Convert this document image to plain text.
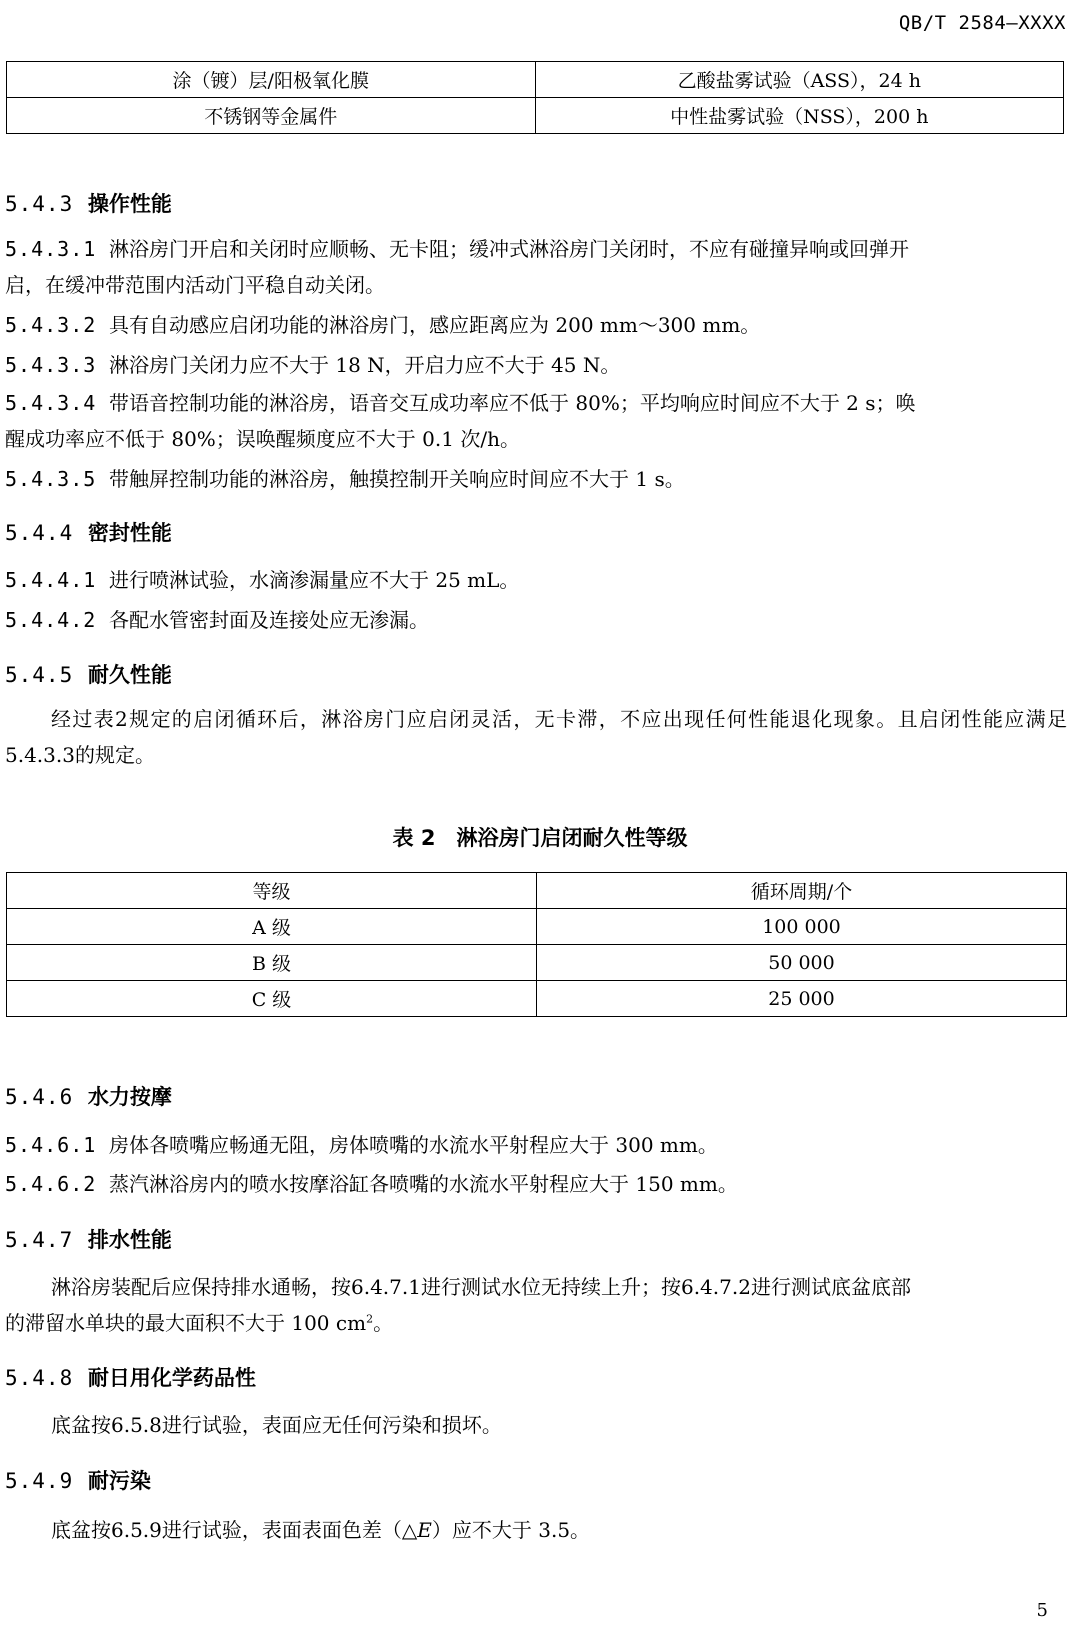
QB/T 2584—XXXX
涂（镀）层/阳极氧化膜	乙酸盐雾试验（ASS），24 h
不锈钢等金属件	中性盐雾试验（NSS），200 h
5.4.3 操作性能
5.4.3.1 淋浴房门开启和关闭时应顺畅、无卡阻；缓冲式淋浴房门关闭时，不应有碰撞异响或回弹开
启，在缓冲带范围内活动门平稳自动关闭。
5.4.3.2 具有自动感应启闭功能的淋浴房门，感应距离应为 200 mm～300 mm。
5.4.3.3 淋浴房门关闭力应不大于 18 N，开启力应不大于 45 N。
5.4.3.4 带语音控制功能的淋浴房，语音交互成功率应不低于 80%；平均响应时间应不大于 2 s；唤
醒成功率应不低于 80%；误唤醒频度应不大于 0.1 次/h。
5.4.3.5 带触屏控制功能的淋浴房，触摸控制开关响应时间应不大于 1 s。
5.4.4 密封性能
5.4.4.1 进行喷淋试验，水滴渗漏量应不大于 25 mL。
5.4.4.2 各配水管密封面及连接处应无渗漏。
5.4.5 耐久性能
经过表2规定的启闭循环后，淋浴房门应启闭灵活，无卡滞，不应出现任何性能退化现象。且启闭性能应满足5.4.3.3的规定。
表 2　淋浴房门启闭耐久性等级
等级	循环周期/个
A 级	100 000
B 级	50 000
C 级	25 000
5.4.6 水力按摩
5.4.6.1 房体各喷嘴应畅通无阻，房体喷嘴的水流水平射程应大于 300 mm。
5.4.6.2 蒸汽淋浴房内的喷水按摩浴缸各喷嘴的水流水平射程应大于 150 mm。
5.4.7 排水性能
淋浴房装配后应保持排水通畅，按6.4.7.1进行测试水位无持续上升；按6.4.7.2进行测试底盆底部
的滞留水单块的最大面积不大于 100 $cm^2$。
5.4.8 耐日用化学药品性
底盆按6.5.8进行试验，表面应无任何污染和损坏。
5.4.9 耐污染
底盆按6.5.9进行试验，表面表面色差（△E）应不大于 3.5。
5
